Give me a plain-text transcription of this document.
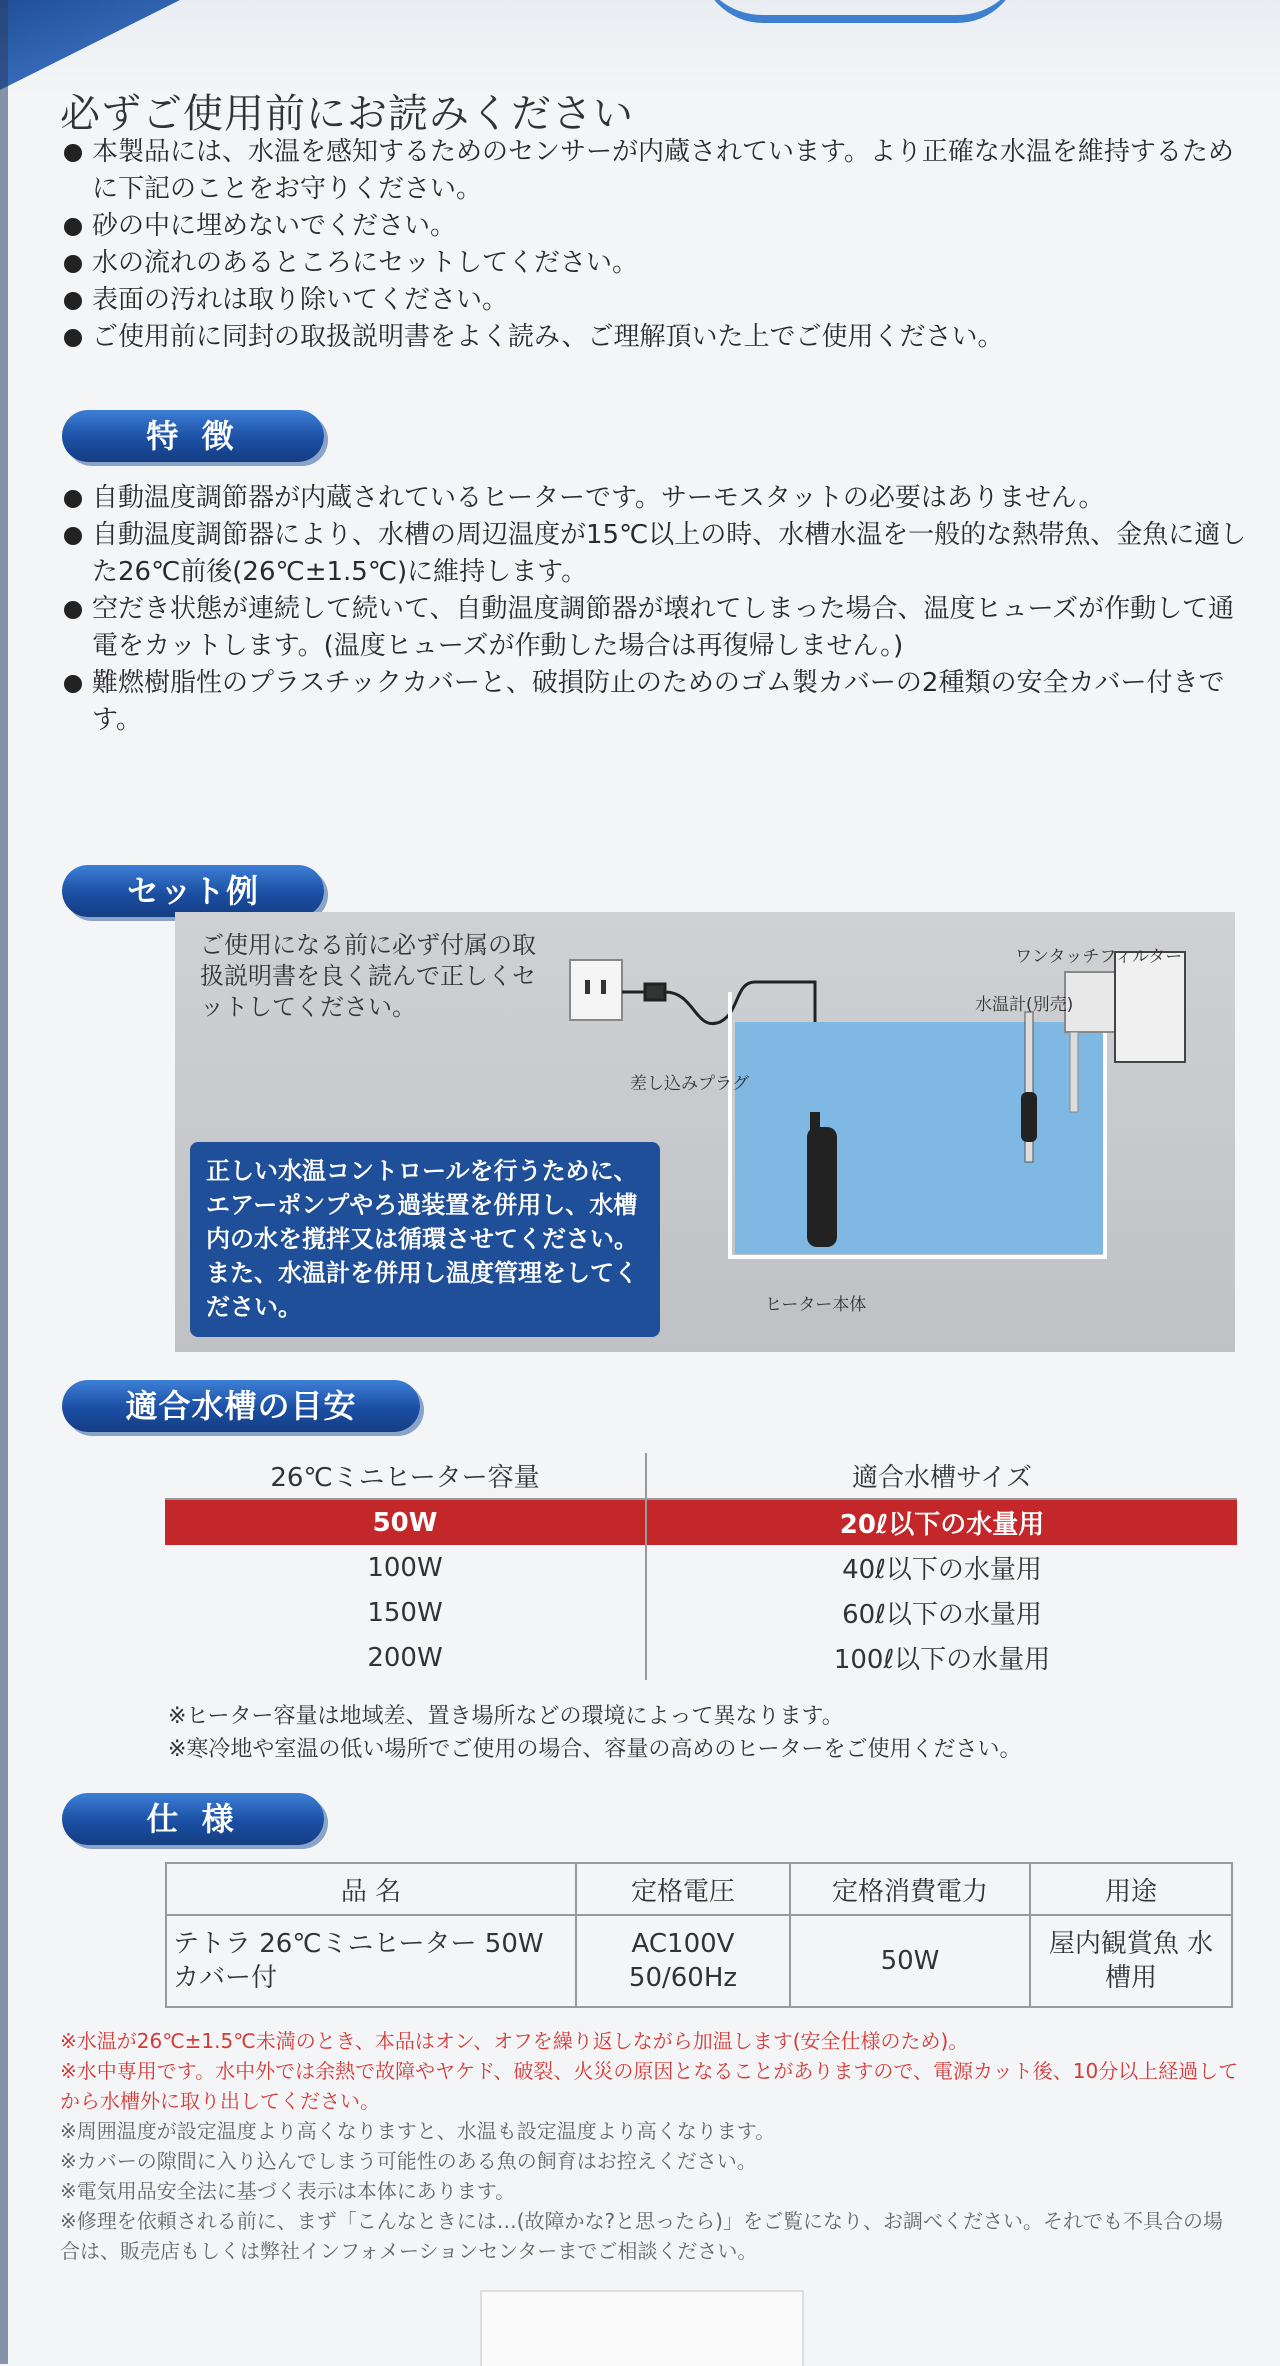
必ずご使用前にお読みください
本製品には、水温を感知するためのセンサーが内蔵されています。より正確な水温を維持するために下記のことをお守りください。
砂の中に埋めないでください。
水の流れのあるところにセットしてください。
表面の汚れは取り除いてください。
ご使用前に同封の取扱説明書をよく読み、ご理解頂いた上でご使用ください。
特 徴
自動温度調節器が内蔵されているヒーターです。サーモスタットの必要はありません。
自動温度調節器により、水槽の周辺温度が15℃以上の時、水槽水温を一般的な熱帯魚、金魚に適した26℃前後(26℃±1.5℃)に維持します。
空だき状態が連続して続いて、自動温度調節器が壊れてしまった場合、温度ヒューズが作動して通電をカットします。(温度ヒューズが作動した場合は再復帰しません。)
難燃樹脂性のプラスチックカバーと、破損防止のためのゴム製カバーの2種類の安全カバー付きです。
セット例
ご使用になる前に必ず付属の取扱説明書を良く読んで正しくセットしてください。
ワンタッチフィルター
水温計(別売)
差し込みプラグ
ヒーター本体
正しい水温コントロールを行うために、エアーポンプやろ過装置を併用し、水槽内の水を撹拌又は循環させてください。また、水温計を併用し温度管理をしてください。
適合水槽の目安
26℃ミニヒーター容量	適合水槽サイズ
50W	20ℓ以下の水量用
100W	40ℓ以下の水量用
150W	60ℓ以下の水量用
200W	100ℓ以下の水量用
※ヒーター容量は地域差、置き場所などの環境によって異なります。
※寒冷地や室温の低い場所でご使用の場合、容量の高めのヒーターをご使用ください。
仕 様
品 名	定格電圧	定格消費電力	用途
テトラ 26℃ミニヒーター 50W カバー付	AC100V 50/60Hz	50W	屋内観賞魚 水槽用
※水温が26℃±1.5℃未満のとき、本品はオン、オフを繰り返しながら加温します(安全仕様のため)。
※水中専用です。水中外では余熱で故障やヤケド、破裂、火災の原因となることがありますので、電源カット後、10分以上経過してから水槽外に取り出してください。
※周囲温度が設定温度より高くなりますと、水温も設定温度より高くなります。
※カバーの隙間に入り込んでしまう可能性のある魚の飼育はお控えください。
※電気用品安全法に基づく表示は本体にあります。
※修理を依頼される前に、まず「こんなときには…(故障かな?と思ったら)」をご覧になり、お調べください。それでも不具合の場合は、販売店もしくは弊社インフォメーションセンターまでご相談ください。
